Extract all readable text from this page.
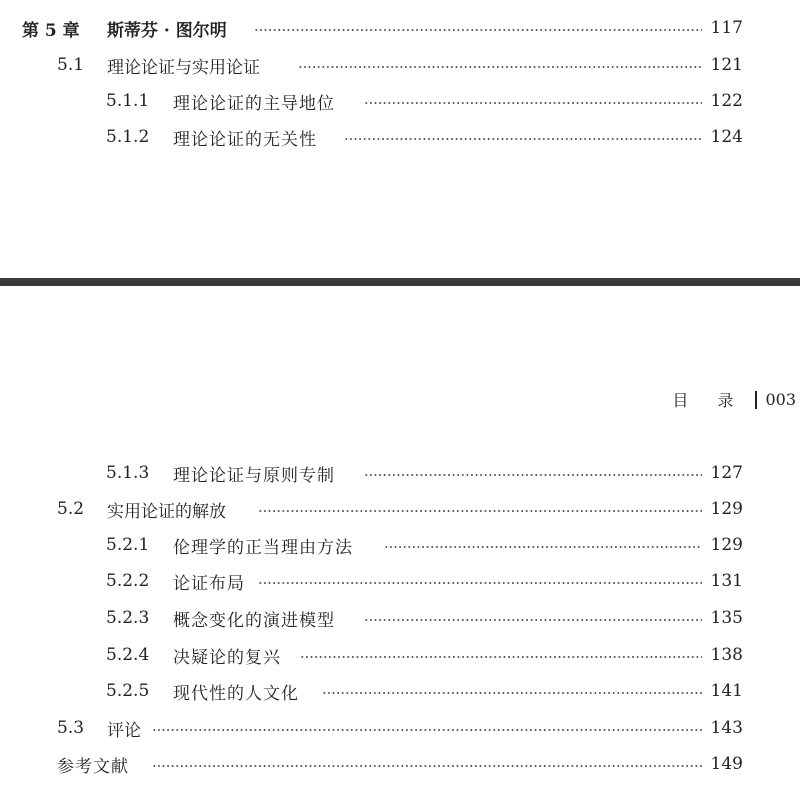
第 5 章 斯蒂芬 · 图尔明	117
5.1 理论论证与实用论证	121
5.1.1 理论论证的主导地位	122
5.1.2 理论论证的无关性	124
目 录 003
5.1.3 理论论证与原则专制	127
5.2 实用论证的解放	129
5.2.1 伦理学的正当理由方法	129
5.2.2 论证布局	131
5.2.3 概念变化的演进模型	135
5.2.4 决疑论的复兴	138
5.2.5 现代性的人文化	141
5.3 评论	143
参考文献	149
